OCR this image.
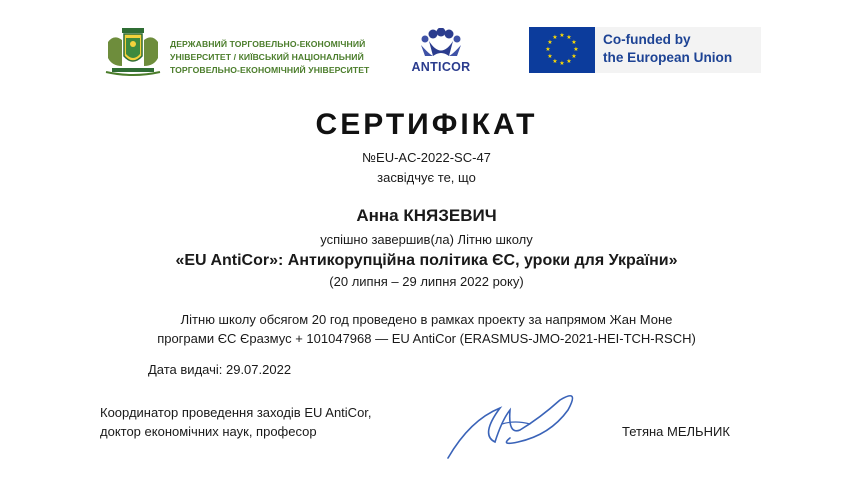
ДЕРЖАВНИЙ ТОРГОВЕЛЬНО-ЕКОНОМІЧНИЙ
УНІВЕРСИТЕТ / КИЇВСЬКИЙ НАЦІОНАЛЬНИЙ
ТОРГОВЕЛЬНО-ЕКОНОМІЧНИЙ УНІВЕРСИТЕТ	ANTICOR
★ ★
★
★
★
★
★
★
★
★
★
★	Co-funded by
the European Union
СЕРТИФІКАТ
№EU-AC-2022-SC-47
засвідчує те, що
Анна КНЯЗЕВИЧ
успішно завершив(ла) Літню школу
«EU AntiCor»: Антикорупційна політика ЄС, уроки для України»
(20 липня – 29 липня 2022 року)
Літню школу обсягом 20 год проведено в рамках проекту за напрямом Жан Моне
програми ЄС Єразмус + 101047968 — EU AntiCor (ERASMUS-JMO-2021-HEI-TCH-RSCH)
Дата видачі: 29.07.2022
Координатор проведення заходів EU AntiCor,
доктор економічних наук, професор	Тетяна МЕЛЬНИК
